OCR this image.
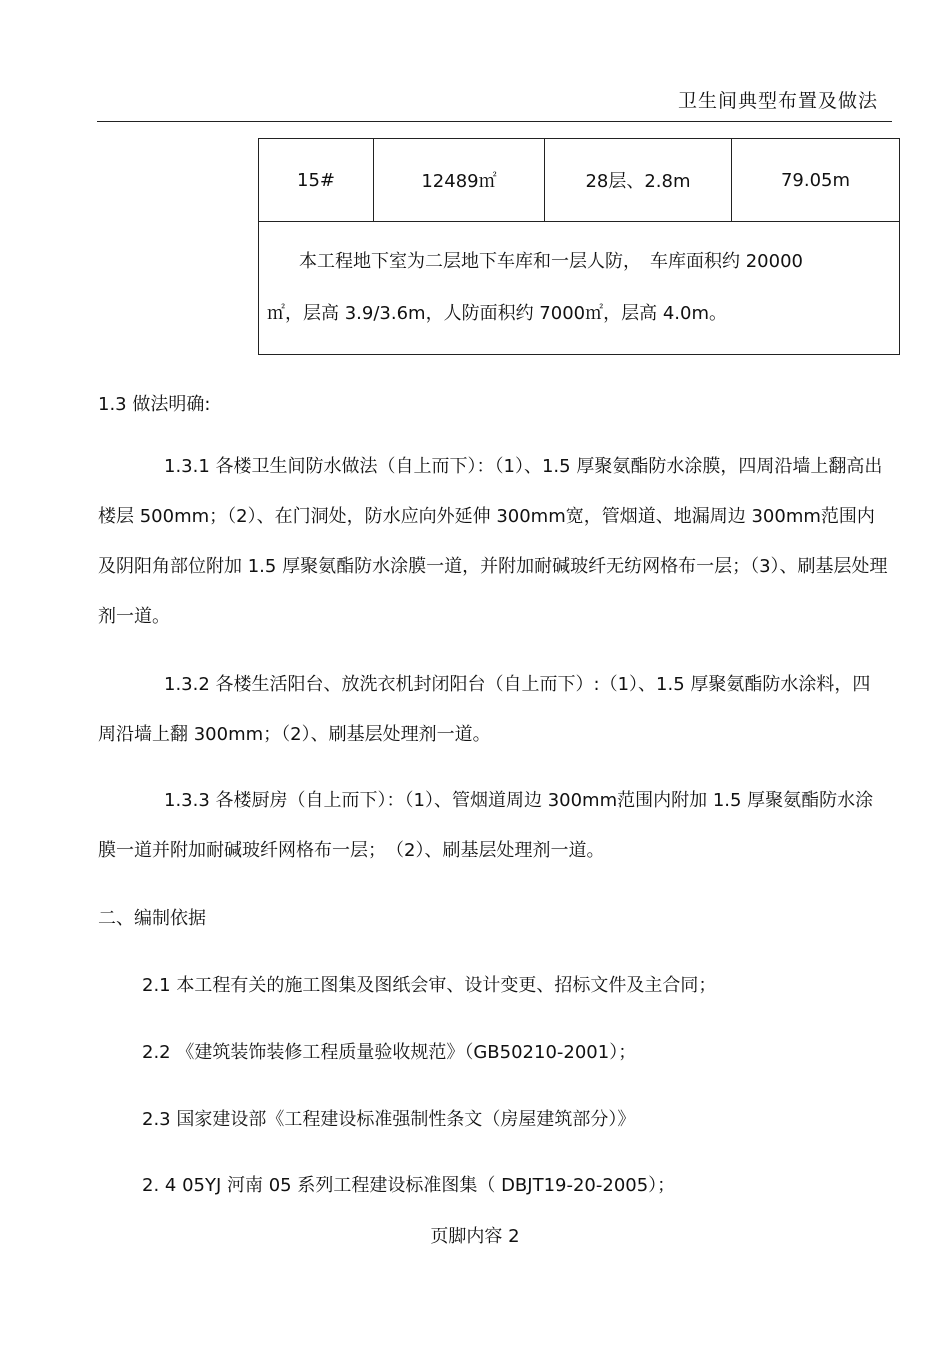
卫生间典型布置及做法
15#	12489㎡	28层、2.8m	79.05m
本工程地下室为二层地下车库和一层人防，　车库面积约 20000
㎡，层高 3.9/3.6m，人防面积约 7000㎡，层高 4.0m。
1.3 做法明确:
1.3.1 各楼卫生间防水做法（自上而下）：（1）、1.5 厚聚氨酯防水涂膜，四周沿墙上翻高出楼层 500mm；（2）、在门洞处，防水应向外延伸 300mm宽，管烟道、地漏周边 300mm范围内及阴阳角部位附加 1.5 厚聚氨酯防水涂膜一道，并附加耐碱玻纤无纺网格布一层；（3）、刷基层处理剂一道。
1.3.2 各楼生活阳台、放洗衣机封闭阳台（自上而下）:（1）、1.5 厚聚氨酯防水涂料，四周沿墙上翻 300mm；（2）、刷基层处理剂一道。
1.3.3 各楼厨房（自上而下）：（1）、管烟道周边 300mm范围内附加 1.5 厚聚氨酯防水涂膜一道并附加耐碱玻纤网格布一层；　（2）、刷基层处理剂一道。
二、编制依据
2.1 本工程有关的施工图集及图纸会审、设计变更、招标文件及主合同；
2.2 《建筑装饰装修工程质量验收规范》（GB50210-2001）；
2.3 国家建设部《工程建设标准强制性条文（房屋建筑部分）》
2. 4 05YJ 河南 05 系列工程建设标准图集（ DBJT19-20-2005）；
页脚内容 2
